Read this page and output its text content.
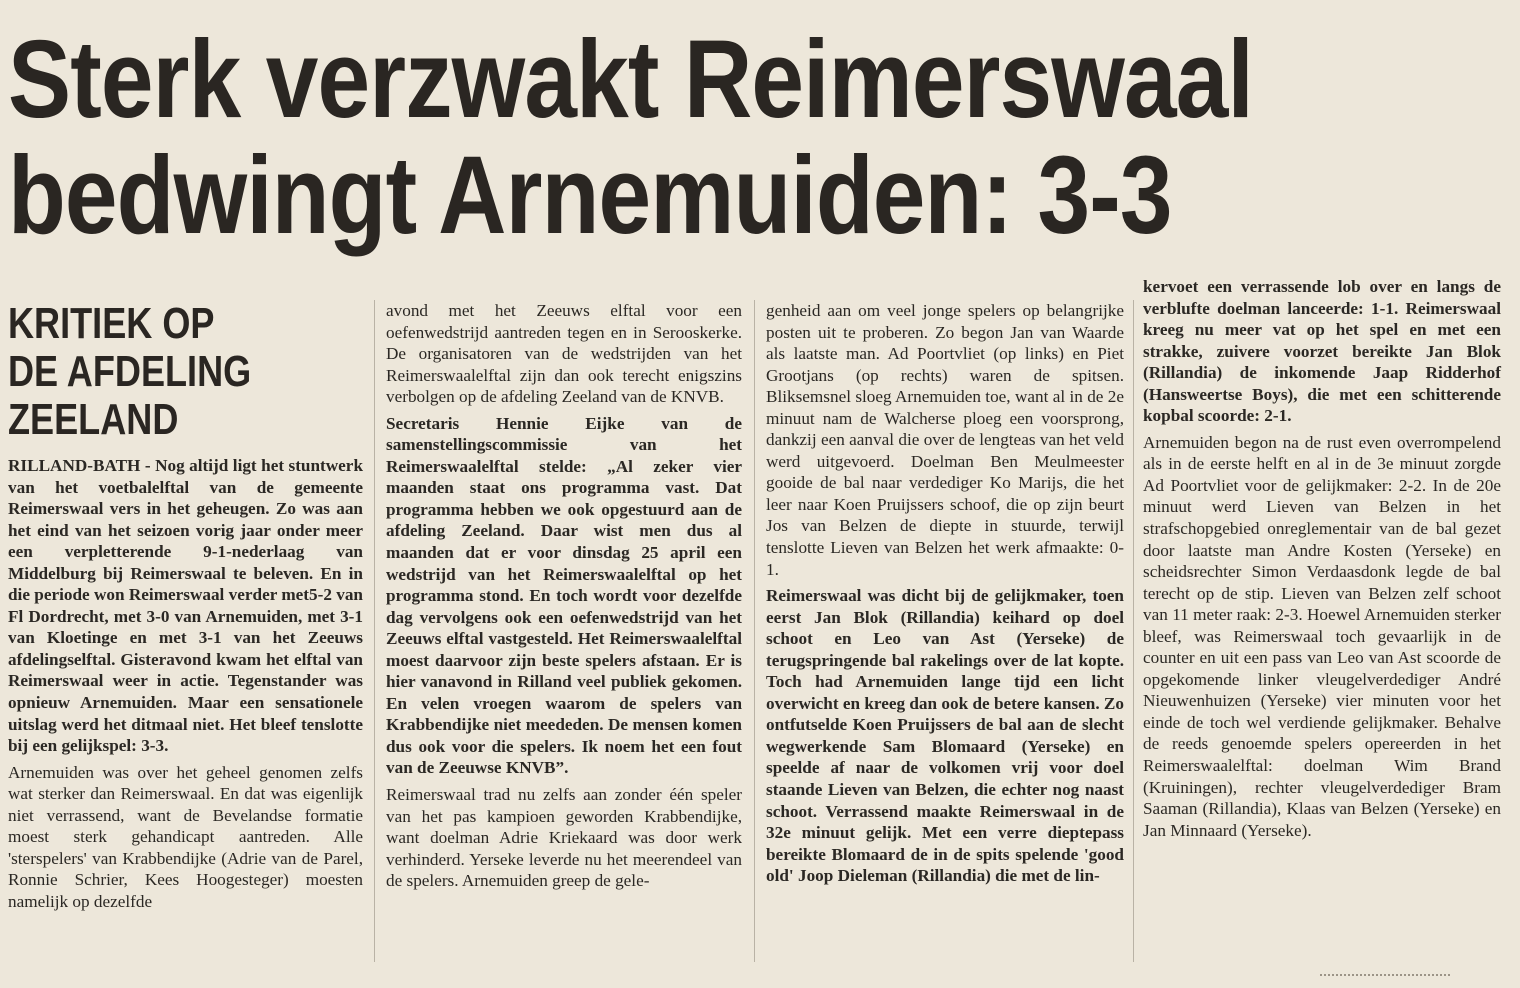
Sterk verzwakt Reimerswaal
bedwingt Arnemuiden: 3-3
KRITIEK OP
DE AFDELING
ZEELAND

RILLAND-BATH - Nog altijd ligt het stuntwerk van het voetbalelftal van de gemeente Reimerswaal vers in het geheugen. Zo was aan het eind van het seizoen vorig jaar onder meer een verpletterende 9-1-nederlaag van Middelburg bij Reimerswaal te beleven. En in die periode won Reimerswaal verder met5-2 van Fl Dordrecht, met 3-0 van Arnemuiden, met 3-1 van Kloetinge en met 3-1 van het Zeeuws afdelingselftal. Gisteravond kwam het elftal van Reimerswaal weer in actie. Tegenstander was opnieuw Arnemuiden. Maar een sensationele uitslag werd het ditmaal niet. Het bleef tenslotte bij een gelijkspel: 3-3.

Arnemuiden was over het geheel genomen zelfs wat sterker dan Reimerswaal. En dat was eigenlijk niet verrassend, want de Bevelandse formatie moest sterk gehandicapt aantreden. Alle 'sterspelers' van Krabbendijke (Adrie van de Parel, Ronnie Schrier, Kees Hoogesteger) moesten namelijk op dezelfde

avond met het Zeeuws elftal voor een oefenwedstrijd aantreden tegen en in Serooskerke. De organisatoren van de wedstrijden van het Reimerswaalelftal zijn dan ook terecht enigszins verbolgen op de afdeling Zeeland van de KNVB.

Secretaris Hennie Eijke van de samenstellingscommissie van het Reimerswaalelftal stelde: „Al zeker vier maanden staat ons programma vast. Dat programma hebben we ook opgestuurd aan de afdeling Zeeland. Daar wist men dus al maanden dat er voor dinsdag 25 april een wedstrijd van het Reimerswaalelftal op het programma stond. En toch wordt voor dezelfde dag vervolgens ook een oefenwedstrijd van het Zeeuws elftal vastgesteld. Het Reimerswaalelftal moest daarvoor zijn beste spelers afstaan. Er is hier vanavond in Rilland veel publiek gekomen. En velen vroegen waarom de spelers van Krabbendijke niet meededen. De mensen komen dus ook voor die spelers. Ik noem het een fout van de Zeeuwse KNVB”.

Reimerswaal trad nu zelfs aan zonder één speler van het pas kampioen geworden Krabbendijke, want doelman Adrie Kriekaard was door werk verhinderd. Yerseke leverde nu het meerendeel van de spelers. Arnemuiden greep de gele-

genheid aan om veel jonge spelers op belangrijke posten uit te proberen. Zo begon Jan van Waarde als laatste man. Ad Poortvliet (op links) en Piet Grootjans (op rechts) waren de spitsen. Bliksemsnel sloeg Arnemuiden toe, want al in de 2e minuut nam de Walcherse ploeg een voorsprong, dankzij een aanval die over de lengteas van het veld werd uitgevoerd. Doelman Ben Meulmeester gooide de bal naar verdediger Ko Marijs, die het leer naar Koen Pruijssers schoof, die op zijn beurt Jos van Belzen de diepte in stuurde, terwijl tenslotte Lieven van Belzen het werk afmaakte: 0-1.

Reimerswaal was dicht bij de gelijkmaker, toen eerst Jan Blok (Rillandia) keihard op doel schoot en Leo van Ast (Yerseke) de terugspringende bal rakelings over de lat kopte. Toch had Arnemuiden lange tijd een licht overwicht en kreeg dan ook de betere kansen. Zo ontfutselde Koen Pruijssers de bal aan de slecht wegwerkende Sam Blomaard (Yerseke) en speelde af naar de volkomen vrij voor doel staande Lieven van Belzen, die echter nog naast schoot. Verrassend maakte Reimerswaal in de 32e minuut gelijk. Met een verre dieptepass bereikte Blomaard de in de spits spelende 'good old' Joop Dieleman (Rillandia) die met de lin-

kervoet een verrassende lob over en langs de verblufte doelman lanceerde: 1-1. Reimerswaal kreeg nu meer vat op het spel en met een strakke, zuivere voorzet bereikte Jan Blok (Rillandia) de inkomende Jaap Ridderhof (Hansweertse Boys), die met een schitterende kopbal scoorde: 2-1.

Arnemuiden begon na de rust even overrompelend als in de eerste helft en al in de 3e minuut zorgde Ad Poortvliet voor de gelijkmaker: 2-2. In de 20e minuut werd Lieven van Belzen in het strafschopgebied onreglementair van de bal gezet door laatste man Andre Kosten (Yerseke) en scheidsrechter Simon Verdaasdonk legde de bal terecht op de stip. Lieven van Belzen zelf schoot van 11 meter raak: 2-3. Hoewel Arnemuiden sterker bleef, was Reimerswaal toch gevaarlijk in de counter en uit een pass van Leo van Ast scoorde de opgekomende linker vleugelverdediger André Nieuwenhuizen (Yerseke) vier minuten voor het einde de toch wel verdiende gelijkmaker. Behalve de reeds genoemde spelers opereerden in het Reimerswaalelftal: doelman Wim Brand (Kruiningen), rechter vleugelverdediger Bram Saaman (Rillandia), Klaas van Belzen (Yerseke) en Jan Minnaard (Yerseke).
